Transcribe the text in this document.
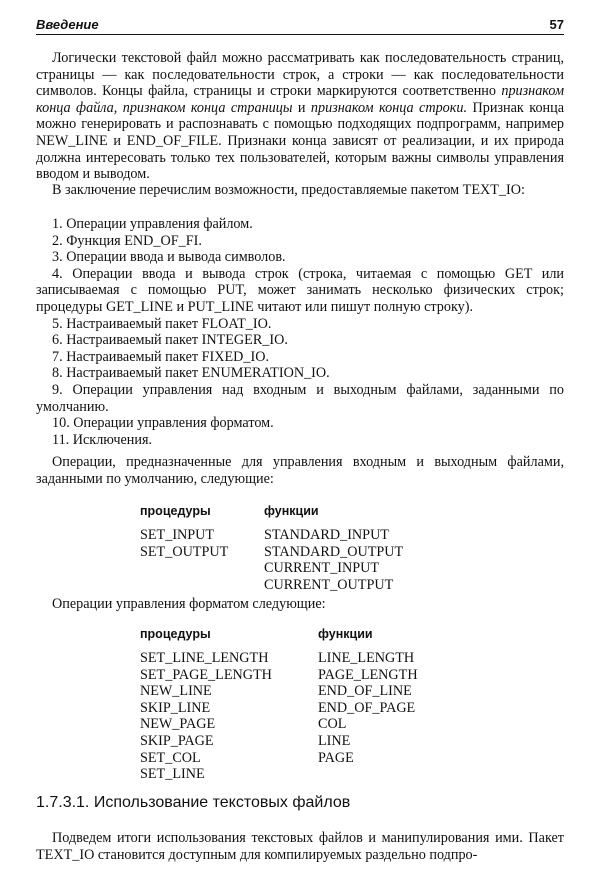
Введение	57

Логически текстовой файл можно рассматривать как последовательность страниц, страницы — как последовательности строк, а строки — как последовательности символов. Концы файла, страницы и строки маркируются соответственно признаком конца файла, признаком конца страницы и признаком конца строки. Признак конца можно генерировать и распознавать с помощью подходящих подпрограмм, например NEW_LINE и END_OF_FILE. Признаки конца зависят от реализации, и их природа должна интересовать только тех пользователей, которым важны символы управления вводом и выводом.

В заключение перечислим возможности, предоставляемые пакетом TEXT_IO:

1. Операции управления файлом.
2. Функция END_OF_FI.
3. Операции ввода и вывода символов.
4. Операции ввода и вывода строк (строка, читаемая с помощью GET или записываемая с помощью PUT, может занимать несколько физических строк; процедуры GET_LINE и PUT_LINE читают или пишут полную строку).
5. Настраиваемый пакет FLOAT_IO.
6. Настраиваемый пакет INTEGER_IO.
7. Настраиваемый пакет FIXED_IO.
8. Настраиваемый пакет ENUMERATION_IO.
9. Операции управления над входным и выходным файлами, заданными по умолчанию.
10. Операции управления форматом.
11. Исключения.

Операции, предназначенные для управления входным и выходным файлами, заданными по умолчанию, следующие:

процедуры
SET_INPUT
SET_OUTPUT
функции
STANDARD_INPUT
STANDARD_OUTPUT
CURRENT_INPUT
CURRENT_OUTPUT

Операции управления форматом следующие:

процедуры
SET_LINE_LENGTH
SET_PAGE_LENGTH
NEW_LINE
SKIP_LINE
NEW_PAGE
SKIP_PAGE
SET_COL
SET_LINE
функции
LINE_LENGTH
PAGE_LENGTH
END_OF_LINE
END_OF_PAGE
COL
LINE
PAGE
1.7.3.1. Использование текстовых файлов

Подведем итоги использования текстовых файлов и манипулирования ими. Пакет TEXT_IO становится доступным для компилируемых раздельно подпро-
